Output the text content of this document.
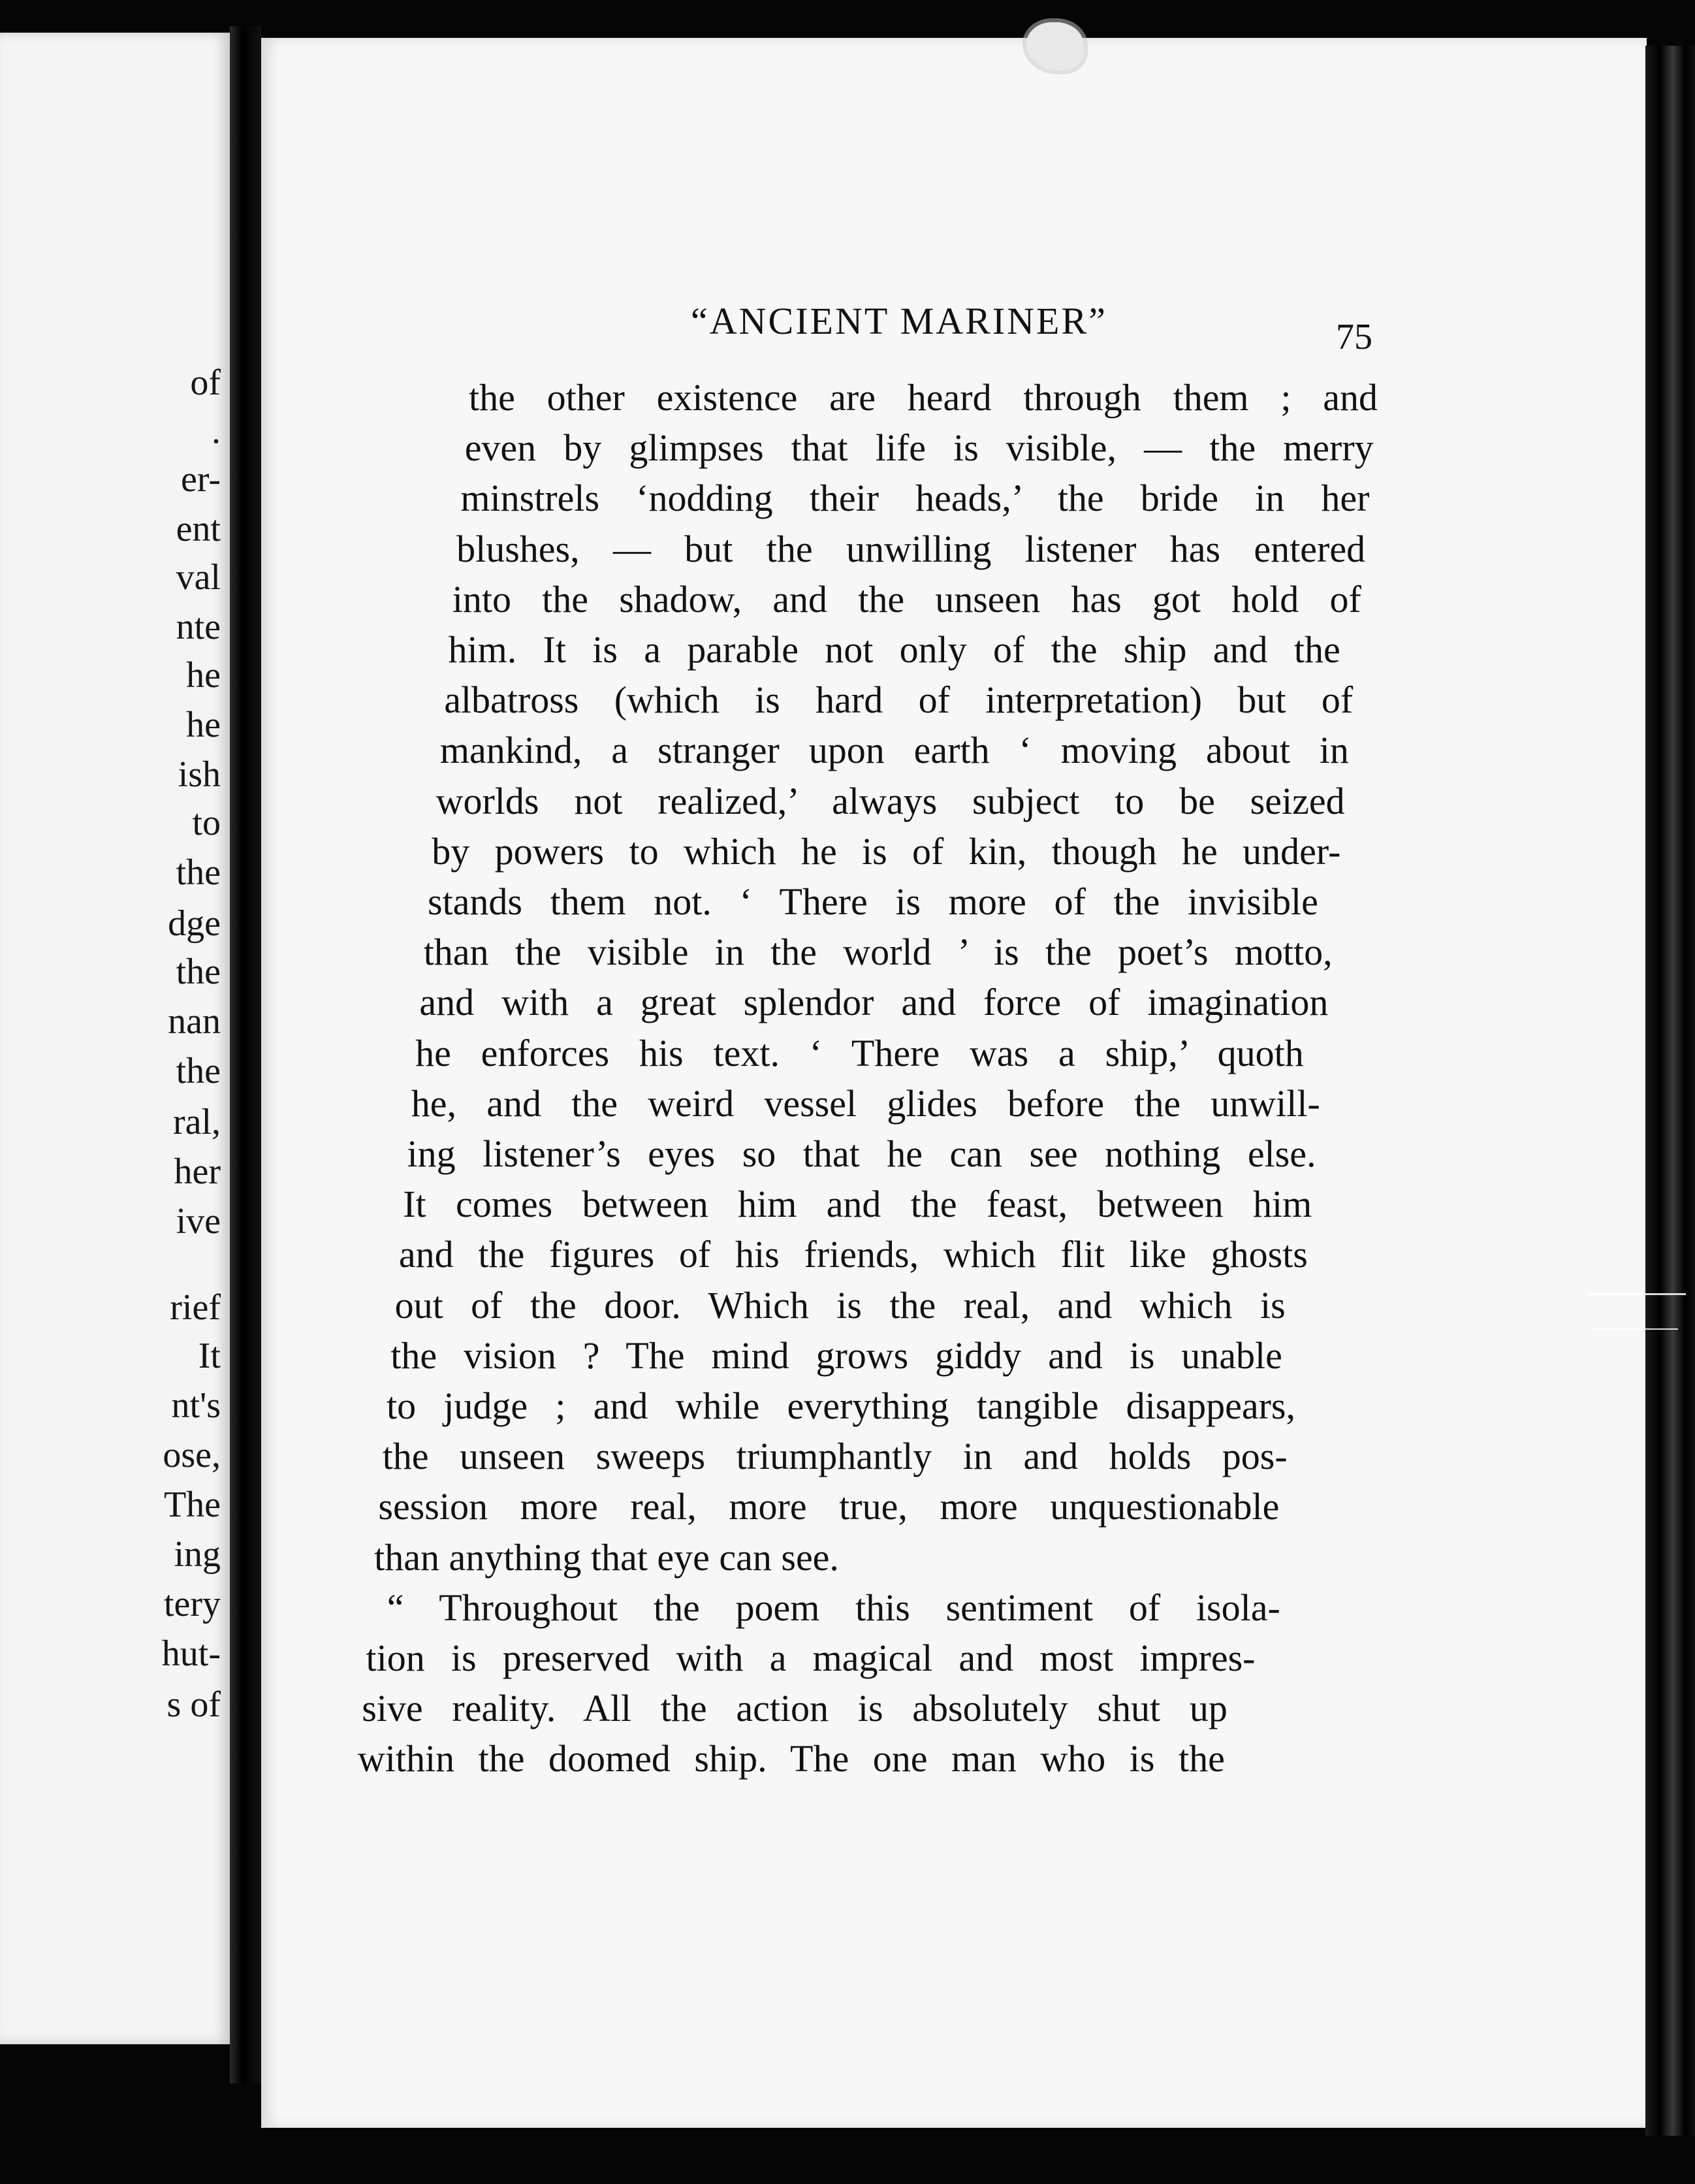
of
.
er-
ent
val
nte
he
he
ish
to
the
dge
the
nan
the
ral,
her
ive
rief
It
nt's
ose,
The
ing
tery
hut-
s of
“ANCIENT MARINER”	75
the other existence are heard through them ; and
even by glimpses that life is visible, — the merry
minstrels ‘nodding their heads,’ the bride in her
blushes, — but the unwilling listener has entered
into the shadow, and the unseen has got hold of
him. It is a parable not only of the ship and the
albatross (which is hard of interpretation) but of
mankind, a stranger upon earth ‘ moving about in
worlds not realized,’ always subject to be seized
by powers to which he is of kin, though he under-
stands them not. ‘ There is more of the invisible
than the visible in the world ’ is the poet’s motto,
and with a great splendor and force of imagination
he enforces his text. ‘ There was a ship,’ quoth
he, and the weird vessel glides before the unwill-
ing listener’s eyes so that he can see nothing else.
It comes between him and the feast, between him
and the figures of his friends, which flit like ghosts
out of the door. Which is the real, and which is
the vision ? The mind grows giddy and is unable
to judge ; and while everything tangible disappears,
the unseen sweeps triumphantly in and holds pos-
session more real, more true, more unquestionable
than anything that eye can see.
“ Throughout the poem this sentiment of isola-
tion is preserved with a magical and most impres-
sive reality. All the action is absolutely shut up
within the doomed ship. The one man who is the
